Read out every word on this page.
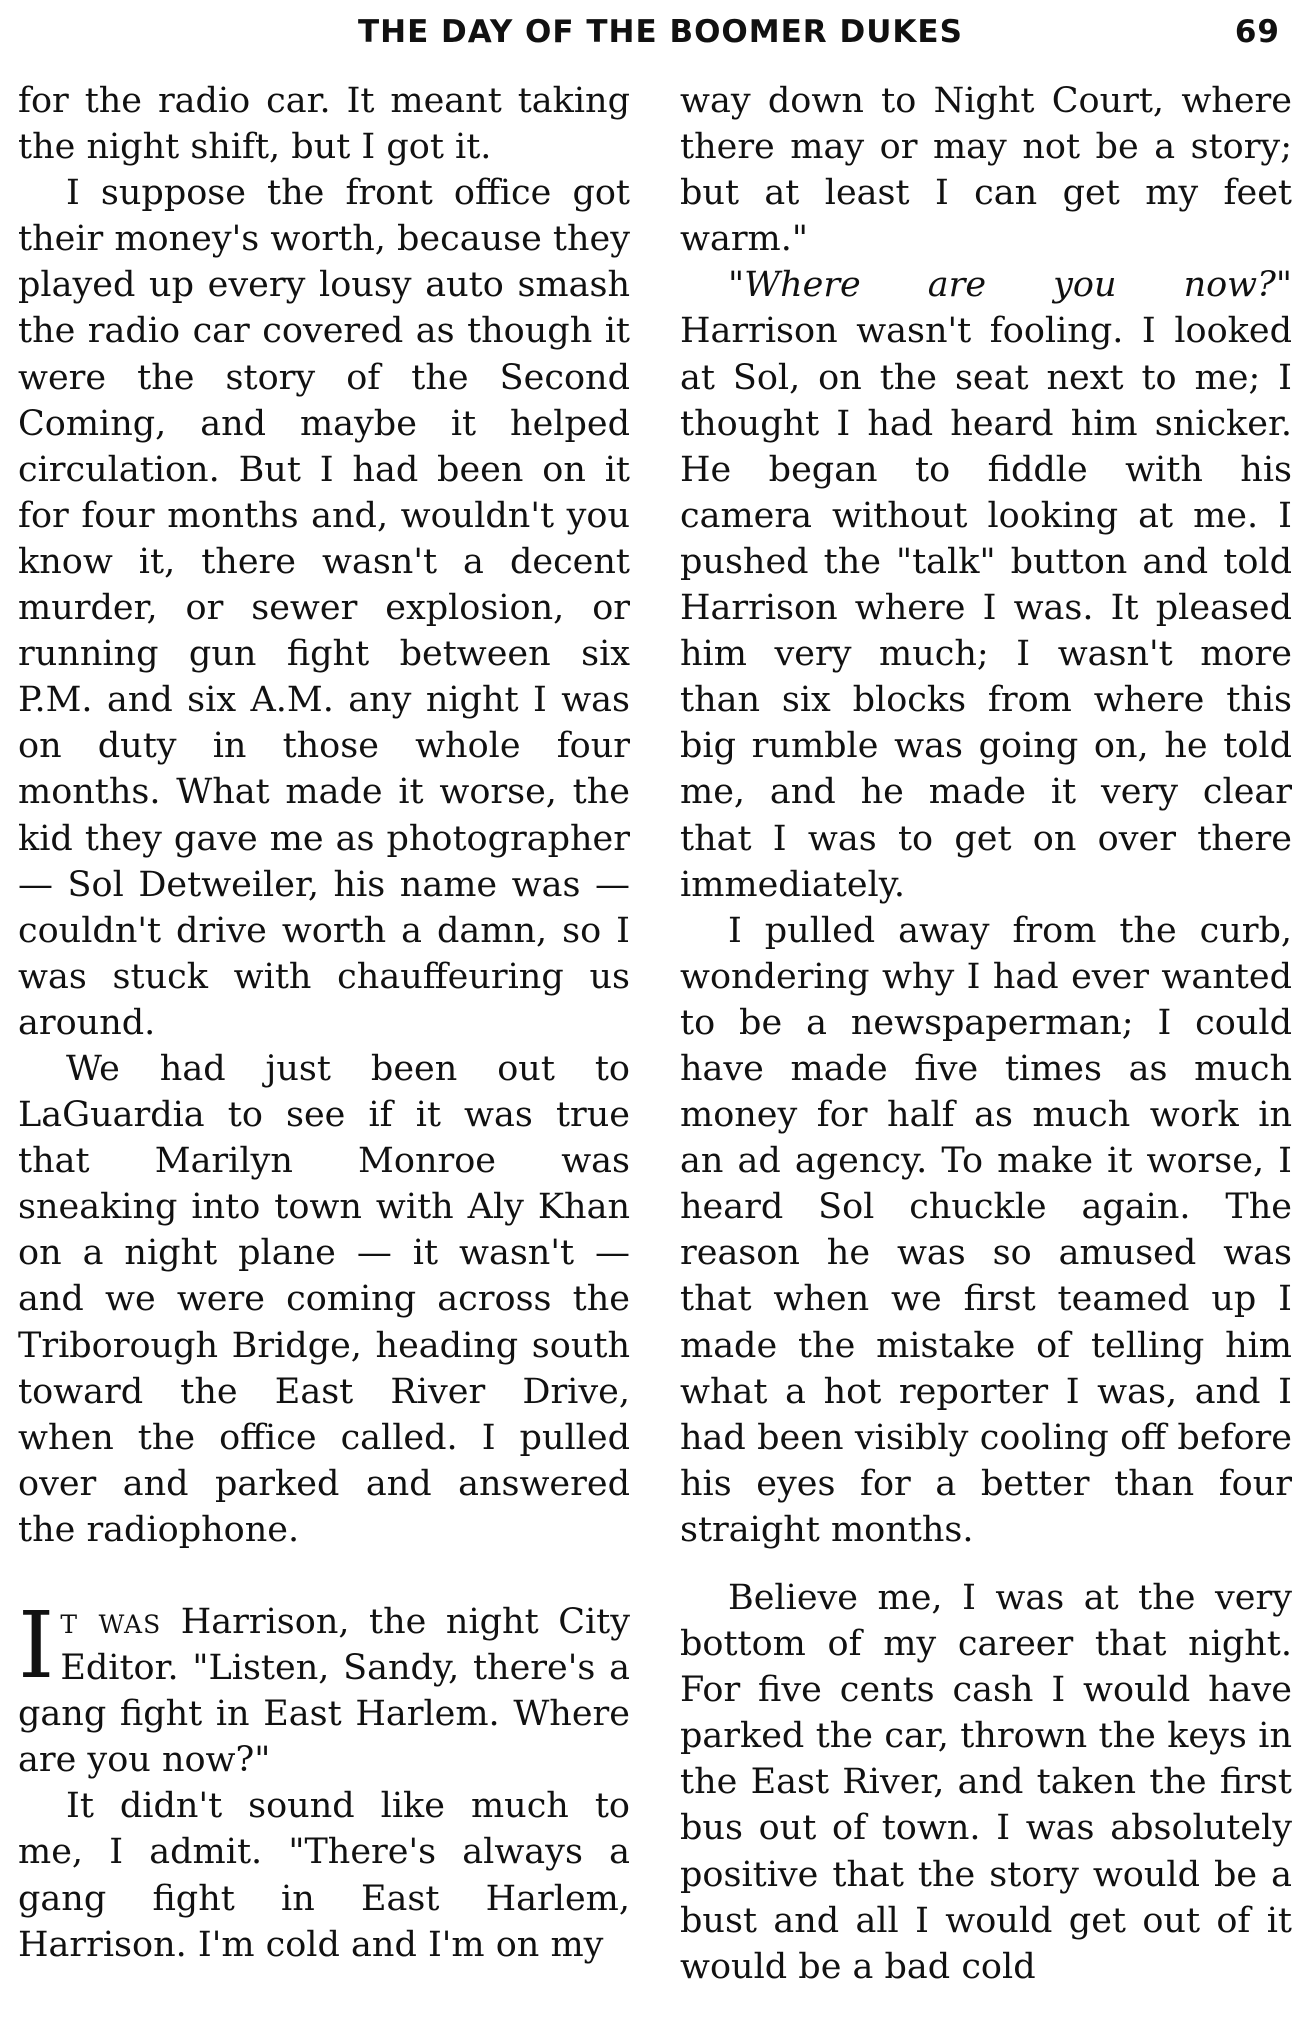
THE DAY OF THE BOOMER DUKES	69

for the radio car. It meant taking the night shift, but I got it.

I suppose the front office got their money's worth, because they played up every lousy auto smash the radio car covered as though it were the story of the Second Coming, and maybe it helped circulation. But I had been on it for four months and, wouldn't you know it, there wasn't a decent murder, or sewer explosion, or running gun fight between six P.M. and six A.M. any night I was on duty in those whole four months. What made it worse, the kid they gave me as photographer — Sol Detweiler, his name was — couldn't drive worth a damn, so I was stuck with chauffeuring us around.

We had just been out to LaGuardia to see if it was true that Marilyn Monroe was sneaking into town with Aly Khan on a night plane — it wasn't — and we were coming across the Triborough Bridge, heading south toward the East River Drive, when the office called. I pulled over and parked and answered the radiophone.

It was Harrison, the night City Editor. "Listen, Sandy, there's a gang fight in East Harlem. Where are you now?"

It didn't sound like much to me, I admit. "There's always a gang fight in East Harlem, Harrison. I'm cold and I'm on my

way down to Night Court, where there may or may not be a story; but at least I can get my feet warm."

"Where are you now?" Harrison wasn't fooling. I looked at Sol, on the seat next to me; I thought I had heard him snicker. He began to fiddle with his camera without looking at me. I pushed the "talk" button and told Harrison where I was. It pleased him very much; I wasn't more than six blocks from where this big rumble was going on, he told me, and he made it very clear that I was to get on over there immediately.

I pulled away from the curb, wondering why I had ever wanted to be a newspaperman; I could have made five times as much money for half as much work in an ad agency. To make it worse, I heard Sol chuckle again. The reason he was so amused was that when we first teamed up I made the mistake of telling him what a hot reporter I was, and I had been visibly cooling off before his eyes for a better than four straight months.

Believe me, I was at the very bottom of my career that night. For five cents cash I would have parked the car, thrown the keys in the East River, and taken the first bus out of town. I was absolutely positive that the story would be a bust and all I would get out of it would be a bad cold
